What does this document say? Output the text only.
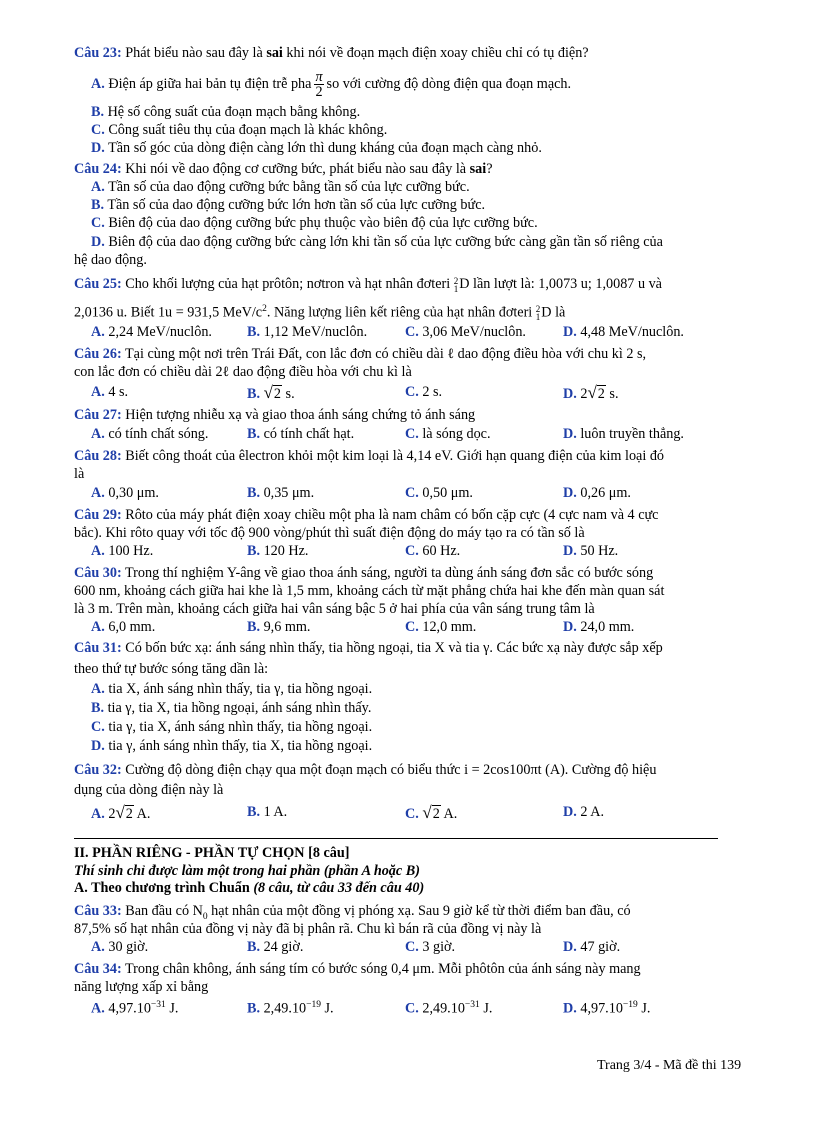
Câu 23: Phát biểu nào sau đây là sai khi nói về đoạn mạch điện xoay chiều chỉ có tụ điện?
A. Điện áp giữa hai bản tụ điện trễ pha $\frac{\pi}{2}$ so với cường độ dòng điện qua đoạn mạch.
B. Hệ số công suất của đoạn mạch bằng không.
C. Công suất tiêu thụ của đoạn mạch là khác không.
D. Tần số góc của dòng điện càng lớn thì dung kháng của đoạn mạch càng nhỏ.
Câu 24: Khi nói về dao động cơ cưỡng bức, phát biểu nào sau đây là sai?
A. Tần số của dao động cưỡng bức bằng tần số của lực cưỡng bức.
B. Tần số của dao động cưỡng bức lớn hơn tần số của lực cưỡng bức.
C. Biên độ của dao động cưỡng bức phụ thuộc vào biên độ của lực cưỡng bức.
D. Biên độ của dao động cưỡng bức càng lớn khi tần số của lực cưỡng bức càng gần tần số riêng của
hệ dao động.
Câu 25: Cho khối lượng của hạt prôtôn; nơtron và hạt nhân đơteri 2
1 D lần lượt là: 1,0073 u; 1,0087 u và
2,0136 u. Biết 1u = 931,5 MeV/$c^2$. Năng lượng liên kết riêng của hạt nhân đơteri 2
1 D là
A. 2,24 MeV/nuclôn. B. 1,12 MeV/nuclôn.	C. 3,06 MeV/nuclôn.	D. 4,48 MeV/nuclôn.
Câu 26: Tại cùng một nơi trên Trái Đất, con lắc đơn có chiều dài ℓ dao động điều hòa với chu kì 2 s,
con lắc đơn có chiều dài 2ℓ dao động điều hòa với chu kì là
A. 4 s.	B. √2 s.	C. 2 s.	D. 2√2 s.
Câu 27: Hiện tượng nhiễu xạ và giao thoa ánh sáng chứng tỏ ánh sáng
A. có tính chất sóng.	B. có tính chất hạt.	C. là sóng dọc.	D. luôn truyền thẳng.
Câu 28: Biết công thoát của êlectron khỏi một kim loại là 4,14 eV. Giới hạn quang điện của kim loại đó
là
A. 0,30 μm.	B. 0,35 μm.	C. 0,50 μm.	D. 0,26 μm.
Câu 29: Rôto của máy phát điện xoay chiều một pha là nam châm có bốn cặp cực (4 cực nam và 4 cực
bắc). Khi rôto quay với tốc độ 900 vòng/phút thì suất điện động do máy tạo ra có tần số là
A. 100 Hz.	B. 120 Hz.	C. 60 Hz.	D. 50 Hz.
Câu 30: Trong thí nghiệm Y-âng về giao thoa ánh sáng, người ta dùng ánh sáng đơn sắc có bước sóng
600 nm, khoảng cách giữa hai khe là 1,5 mm, khoảng cách từ mặt phẳng chứa hai khe đến màn quan sát
là 3 m. Trên màn, khoảng cách giữa hai vân sáng bậc 5 ở hai phía của vân sáng trung tâm là
A. 6,0 mm.	B. 9,6 mm.	C. 12,0 mm.	D. 24,0 mm.
Câu 31: Có bốn bức xạ: ánh sáng nhìn thấy, tia hồng ngoại, tia X và tia γ. Các bức xạ này được sắp xếp
theo thứ tự bước sóng tăng dần là:
A. tia X, ánh sáng nhìn thấy, tia γ, tia hồng ngoại.
B. tia γ, tia X, tia hồng ngoại, ánh sáng nhìn thấy.
C. tia γ, tia X, ánh sáng nhìn thấy, tia hồng ngoại.
D. tia γ, ánh sáng nhìn thấy, tia X, tia hồng ngoại.
Câu 32: Cường độ dòng điện chạy qua một đoạn mạch có biểu thức i = 2cos100πt (A). Cường độ hiệu
dụng của dòng điện này là
A. 2√2 A.	B. 1 A.	C. √2 A.	D. 2 A.
II. PHẦN RIÊNG - PHẦN TỰ CHỌN [8 câu]
Thí sinh chỉ được làm một trong hai phần (phần A hoặc B)
A. Theo chương trình Chuẩn (8 câu, từ câu 33 đến câu 40)
Câu 33: Ban đầu có $N_0$ hạt nhân của một đồng vị phóng xạ. Sau 9 giờ kể từ thời điểm ban đầu, có
87,5% số hạt nhân của đồng vị này đã bị phân rã. Chu kì bán rã của đồng vị này là
A. 30 giờ.	B. 24 giờ.	C. 3 giờ.	D. 47 giờ.
Câu 34: Trong chân không, ánh sáng tím có bước sóng 0,4 μm. Mỗi phôtôn của ánh sáng này mang
năng lượng xấp xỉ bằng
A. $4,97.10^{-31}$ J.	B. $2,49.10^{-19}$ J.	C. $2,49.10^{-31}$ J.	D. $4,97.10^{-19}$ J.
Trang 3/4 - Mã đề thi 139
